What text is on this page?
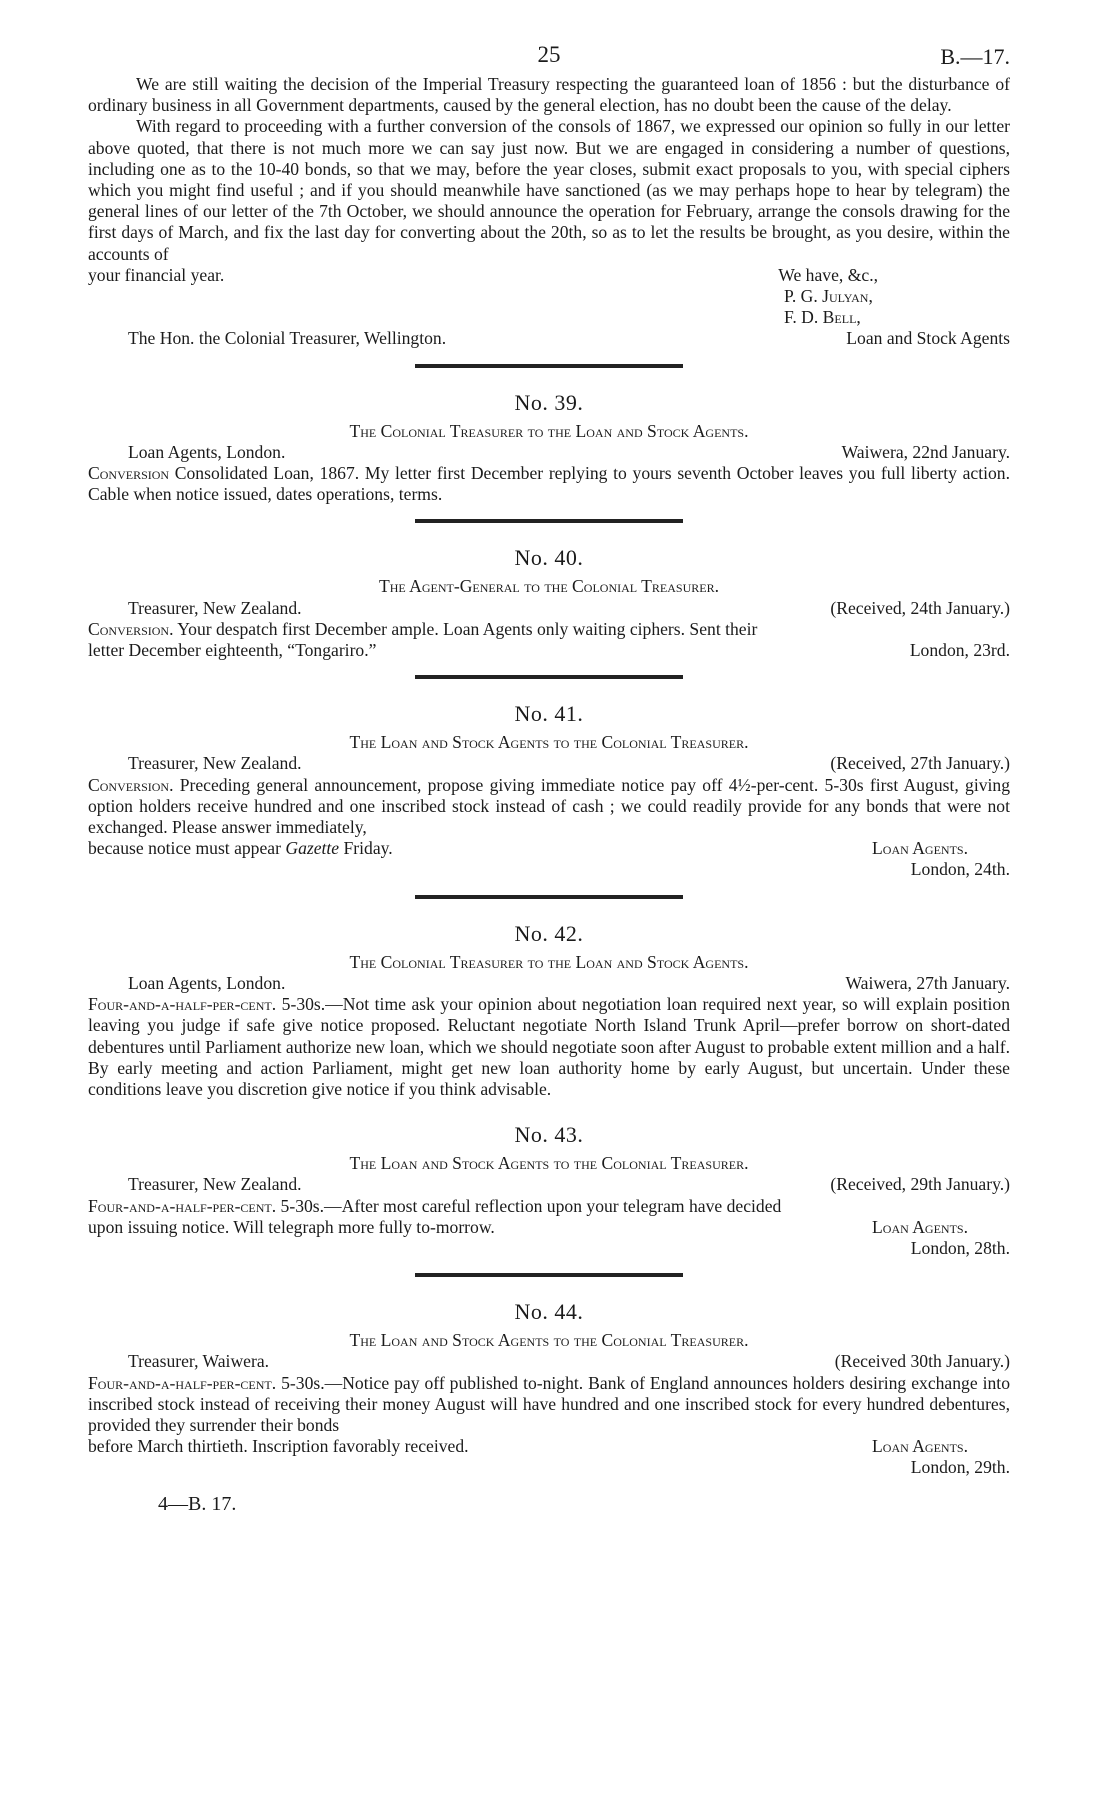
25	B.—17.

We are still waiting the decision of the Imperial Treasury respecting the guaranteed loan of 1856 : but the disturbance of ordinary business in all Government departments, caused by the general election, has no doubt been the cause of the delay.

With regard to proceeding with a further conversion of the consols of 1867, we expressed our opinion so fully in our letter above quoted, that there is not much more we can say just now. But we are engaged in considering a number of questions, including one as to the 10-40 bonds, so that we may, before the year closes, submit exact proposals to you, with special ciphers which you might find useful ; and if you should meanwhile have sanctioned (as we may perhaps hope to hear by telegram) the general lines of our letter of the 7th October, we should announce the operation for February, arrange the consols drawing for the first days of March, and fix the last day for converting about the 20th, so as to let the results be brought, as you desire, within the accounts of

your financial year.	We have, &c.,
P. G. Julyan,
F. D. Bell,
The Hon. the Colonial Treasurer, Wellington.	Loan and Stock Agents
No. 39.
The Colonial Treasurer to the Loan and Stock Agents.
Loan Agents, London.	Waiwera, 22nd January.

Conversion Consolidated Loan, 1867. My letter first December replying to yours seventh October leaves you full liberty action. Cable when notice issued, dates operations, terms.

No. 40.
The Agent-General to the Colonial Treasurer.
Treasurer, New Zealand.	(Received, 24th January.)

Conversion. Your despatch first December ample. Loan Agents only waiting ciphers. Sent their

letter December eighteenth, “Tongariro.”	London, 23rd.
No. 41.
The Loan and Stock Agents to the Colonial Treasurer.
Treasurer, New Zealand.	(Received, 27th January.)

Conversion. Preceding general announcement, propose giving immediate notice pay off 4½-per-cent. 5-30s first August, giving option holders receive hundred and one inscribed stock instead of cash ; we could readily provide for any bonds that were not exchanged. Please answer immediately,

because notice must appear Gazette Friday.	Loan Agents.
London, 24th.
No. 42.
The Colonial Treasurer to the Loan and Stock Agents.
Loan Agents, London.	Waiwera, 27th January.

Four-and-a-half-per-cent. 5-30s.—Not time ask your opinion about negotiation loan required next year, so will explain position leaving you judge if safe give notice proposed. Reluctant negotiate North Island Trunk April—prefer borrow on short-dated debentures until Parliament authorize new loan, which we should negotiate soon after August to probable extent million and a half. By early meeting and action Parliament, might get new loan authority home by early August, but uncertain. Under these conditions leave you discretion give notice if you think advisable.

No. 43.
The Loan and Stock Agents to the Colonial Treasurer.
Treasurer, New Zealand.	(Received, 29th January.)

Four-and-a-half-per-cent. 5-30s.—After most careful reflection upon your telegram have decided

upon issuing notice. Will telegraph more fully to-morrow.	Loan Agents.
London, 28th.
No. 44.
The Loan and Stock Agents to the Colonial Treasurer.
Treasurer, Waiwera.	(Received 30th January.)

Four-and-a-half-per-cent. 5-30s.—Notice pay off published to-night. Bank of England announces holders desiring exchange into inscribed stock instead of receiving their money August will have hundred and one inscribed stock for every hundred debentures, provided they surrender their bonds

before March thirtieth. Inscription favorably received.	Loan Agents.
London, 29th.
4—B. 17.
